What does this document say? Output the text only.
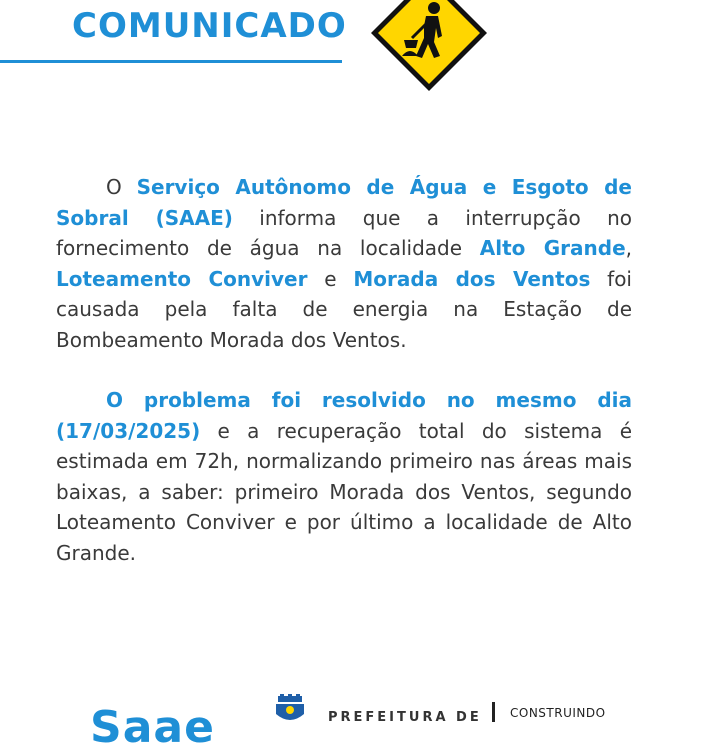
COMUNICADO

O Serviço Autônomo de Água e Esgoto de Sobral (SAAE) informa que a interrupção no fornecimento de água na localidade Alto Grande, Loteamento Conviver e Morada dos Ventos foi causada pela falta de energia na Estação de Bombeamento Morada dos Ventos.

O problema foi resolvido no mesmo dia (17/03/2025) e a recuperação total do sistema é estimada em 72h, normalizando primeiro nas áreas mais baixas, a saber: primeiro Morada dos Ventos, segundo Loteamento Conviver e por último a localidade de Alto Grande.

Saae	PREFEITURA DE CONSTRUINDO
